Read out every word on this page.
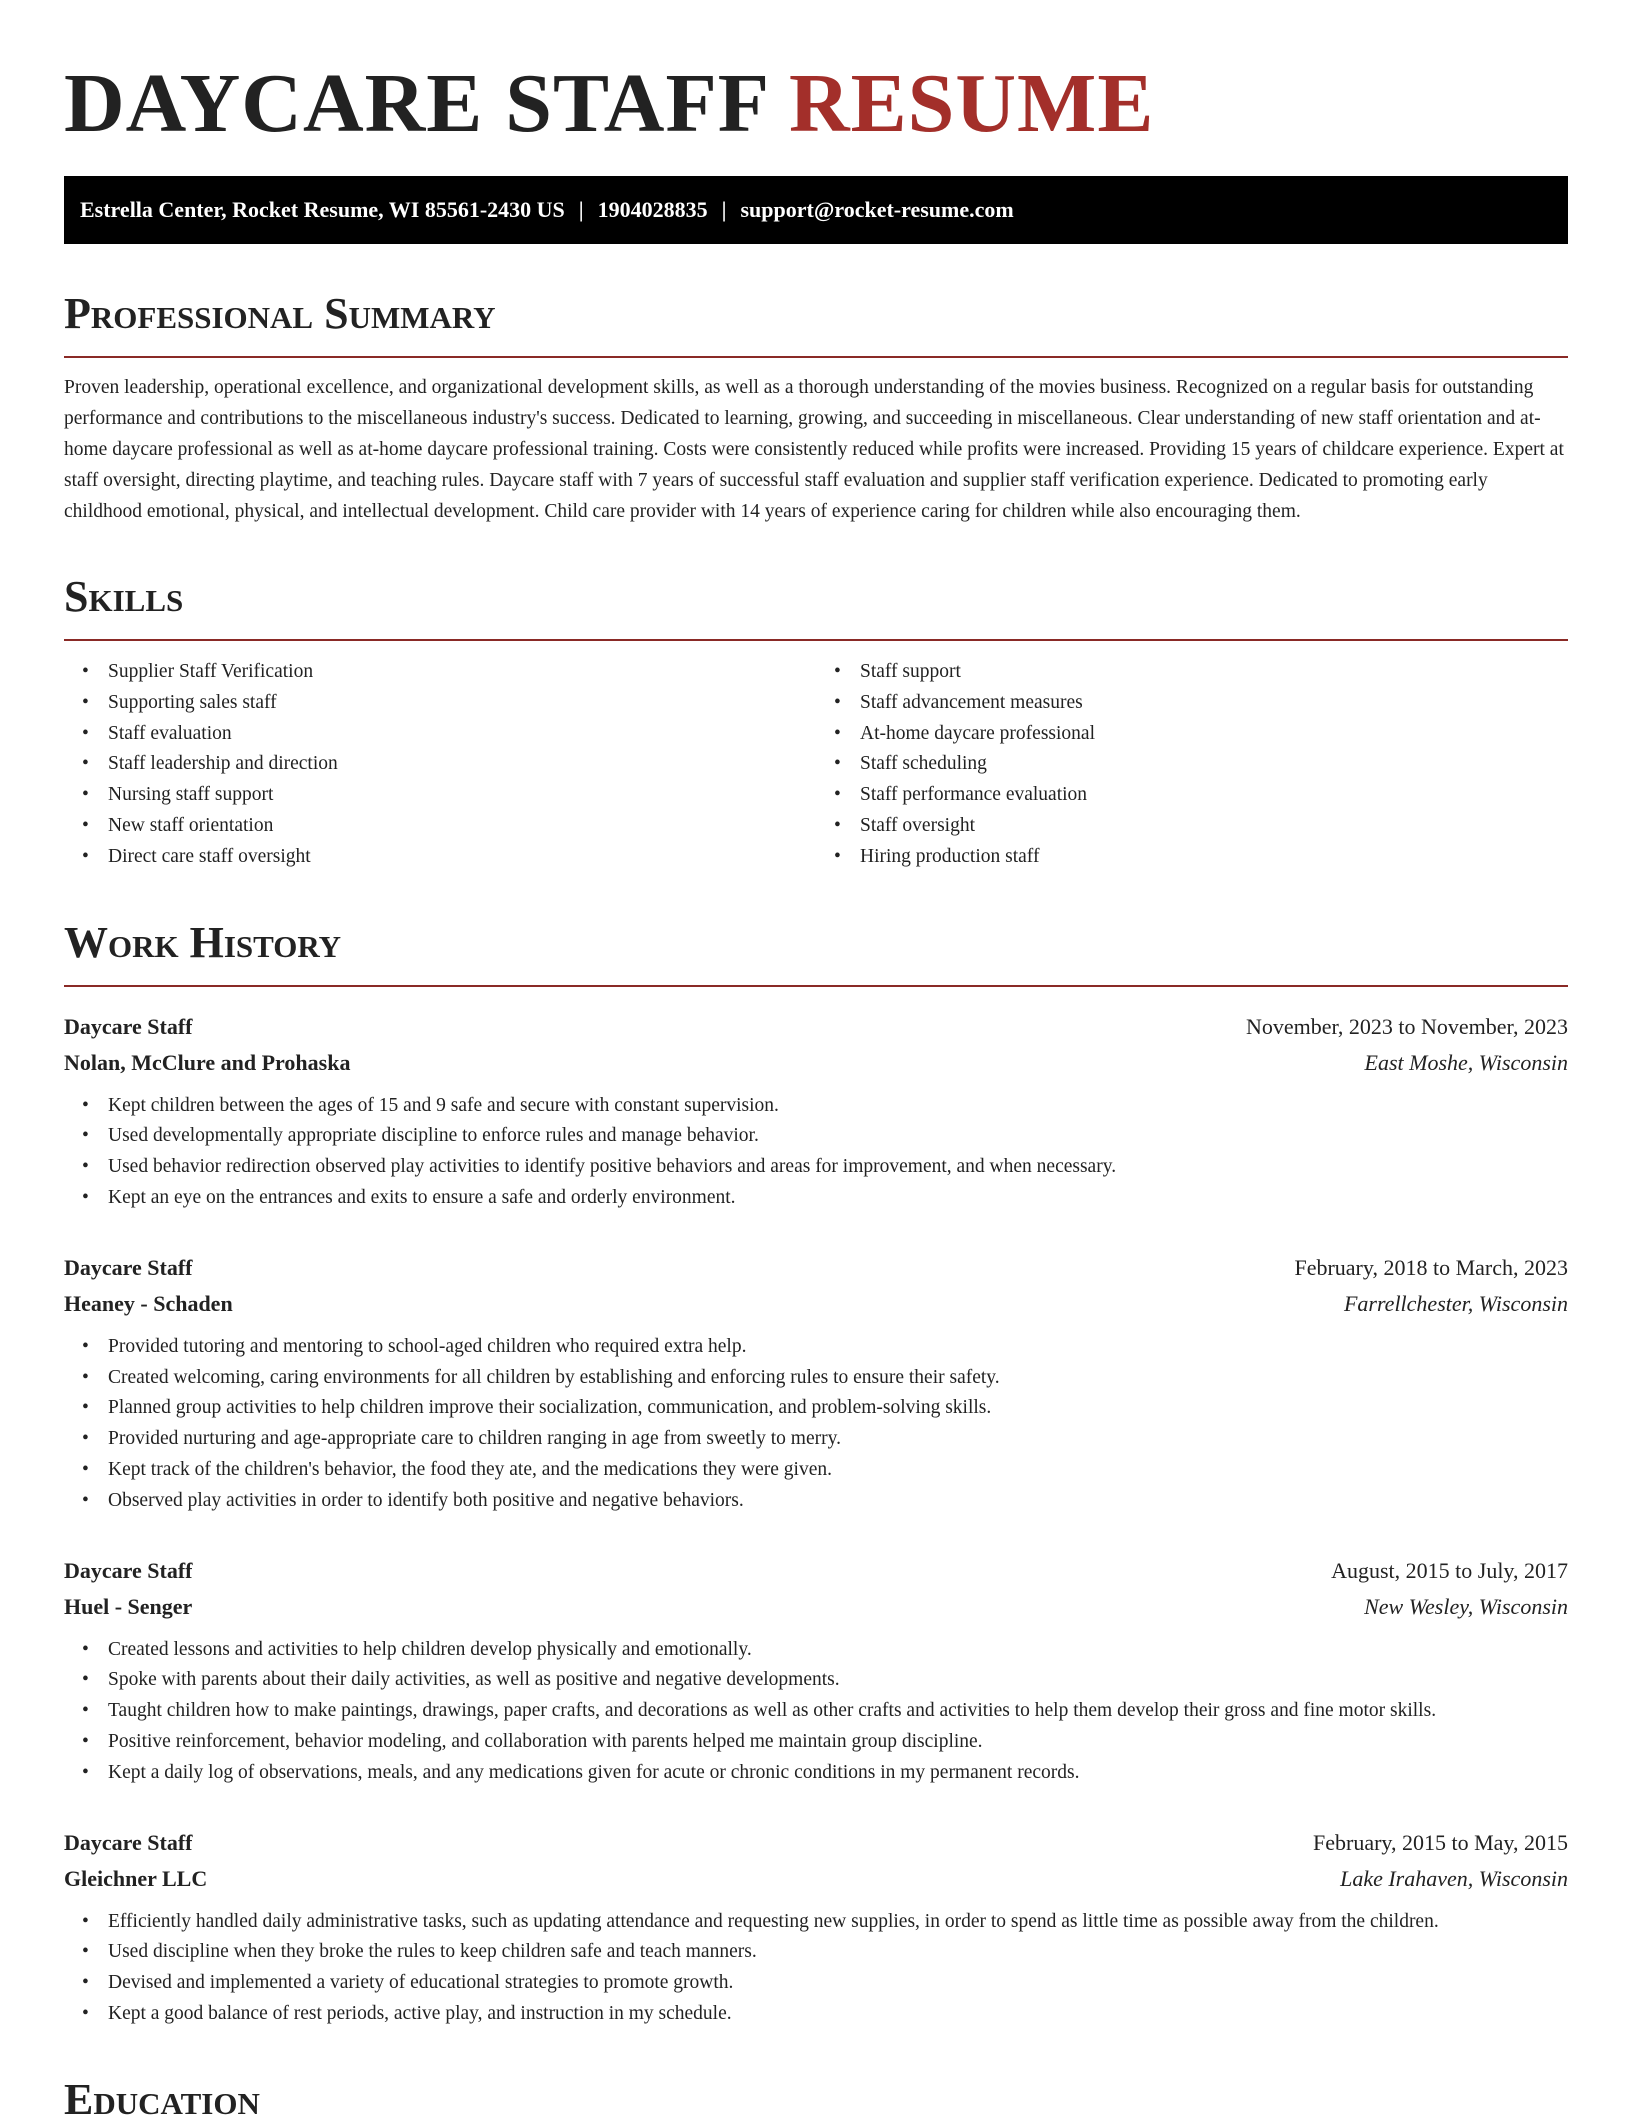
DAYCARE STAFF RESUME
Estrella Center, Rocket Resume, WI 85561-2430 US | 1904028835 | support@rocket-resume.com
Professional Summary

Proven leadership, operational excellence, and organizational development skills, as well as a thorough understanding of the movies business. Recognized on a regular basis for outstanding performance and contributions to the miscellaneous industry's success. Dedicated to learning, growing, and succeeding in miscellaneous. Clear understanding of new staff orientation and at-home daycare professional as well as at-home daycare professional training. Costs were consistently reduced while profits were increased. Providing 15 years of childcare experience. Expert at staff oversight, directing playtime, and teaching rules. Daycare staff with 7 years of successful staff evaluation and supplier staff verification experience. Dedicated to promoting early childhood emotional, physical, and intellectual development. Child care provider with 14 years of experience caring for children while also encouraging them.

Skills
• Supplier Staff Verification
• Supporting sales staff
• Staff evaluation
• Staff leadership and direction
• Nursing staff support
• New staff orientation
• Direct care staff oversight
• Staff support
• Staff advancement measures
• At-home daycare professional
• Staff scheduling
• Staff performance evaluation
• Staff oversight
• Hiring production staff
Work History
Daycare Staff	November, 2023 to November, 2023
Nolan, McClure and Prohaska	East Moshe, Wisconsin
• Kept children between the ages of 15 and 9 safe and secure with constant supervision.
• Used developmentally appropriate discipline to enforce rules and manage behavior.
• Used behavior redirection observed play activities to identify positive behaviors and areas for improvement, and when necessary.
• Kept an eye on the entrances and exits to ensure a safe and orderly environment.
Daycare Staff	February, 2018 to March, 2023
Heaney - Schaden	Farrellchester, Wisconsin
• Provided tutoring and mentoring to school-aged children who required extra help.
• Created welcoming, caring environments for all children by establishing and enforcing rules to ensure their safety.
• Planned group activities to help children improve their socialization, communication, and problem-solving skills.
• Provided nurturing and age-appropriate care to children ranging in age from sweetly to merry.
• Kept track of the children's behavior, the food they ate, and the medications they were given.
• Observed play activities in order to identify both positive and negative behaviors.
Daycare Staff	August, 2015 to July, 2017
Huel - Senger	New Wesley, Wisconsin
• Created lessons and activities to help children develop physically and emotionally.
• Spoke with parents about their daily activities, as well as positive and negative developments.
• Taught children how to make paintings, drawings, paper crafts, and decorations as well as other crafts and activities to help them develop their gross and fine motor skills.
• Positive reinforcement, behavior modeling, and collaboration with parents helped me maintain group discipline.
• Kept a daily log of observations, meals, and any medications given for acute or chronic conditions in my permanent records.
Daycare Staff	February, 2015 to May, 2015
Gleichner LLC	Lake Irahaven, Wisconsin
• Efficiently handled daily administrative tasks, such as updating attendance and requesting new supplies, in order to spend as little time as possible away from the children.
• Used discipline when they broke the rules to keep children safe and teach manners.
• Devised and implemented a variety of educational strategies to promote growth.
• Kept a good balance of rest periods, active play, and instruction in my schedule.
Education
